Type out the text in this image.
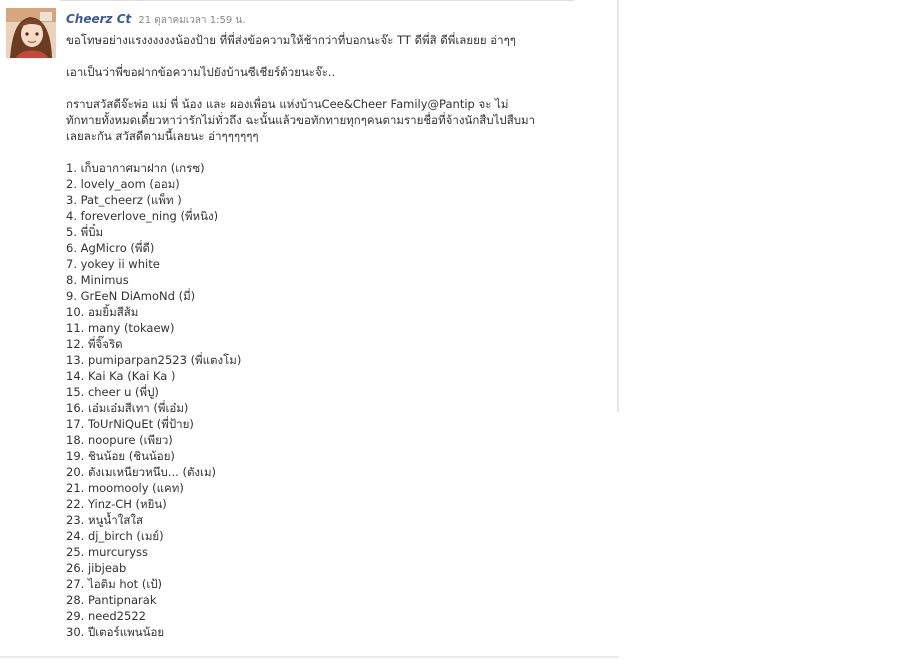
Cheerz Ct 21 ตุลาคมเวลา 1:59 น.

ขอโทษอย่างแรงงงงงงน้องป้าย ที่พี่ส่งข้อความให้ช้ากว่าที่บอกนะจ๊ะ TT ดีพี่สิ ดีพี่เลยยย อ่าๆๆ

เอาเป็นว่าพี่ขอฝากข้อความไปยังบ้านซีเชียร์ด้วยนะจ๊ะ..

กราบสวัสดีจ๊ะพ่อ แม่ พี่ น้อง และ ผองเพื่อน แห่งบ้านCee&Cheer Family@Pantip จะ ไม่ทักทายทั้งหมดเดี๋ยวหาว่ารักไม่ทั่วถึง ฉะนั้นแล้วขอทักทายทุกๆคนตามรายชื่อที่จ้างนักสืบไปสืบมาเลยละกัน สวัสดีตามนี้เลยนะ อ่าๆๆๆๆๆๆ

1. เก็บอากาศมาฝาก (เกรซ)
2. lovely_aom (ออม)
3. Pat_cheerz (แพ็ท )
4. foreverlove_ning (พี่หนิง)
5. พี่บิ๋ม
6. AgMicro (พี่ดี)
7. yokey ii white
8. Minimus
9. GrEeN DiAmoNd (มี่)
10. อมยิ้มสีส้ม
11. many (tokaew)
12. พี่จิ๊จริด
13. pumiparpan2523 (พี่แตงโม)
14. Kai Ka (Kai Ka )
15. cheer u (พี่ปู)
16. เอ๋มเอ๋มสีเทา (พี่เอ๋ม)
17. ToUrNiQuEt (พี่ป้าย)
18. noopure (เพียว)
19. ชินน้อย (ชินน้อย)
20. ตังเมเหนียวหนึบ... (ตังเม)
21. moomooly (แคท)
22. Yinz-CH (หยิน)
23. หนูน้ำใสใส
24. dj_birch (เมย์)
25. murcuryss
26. jibjeab
27. ไอติม hot (เป้)
28. Pantipnarak
29. need2522
30. ปีเตอร์แพนน้อย
